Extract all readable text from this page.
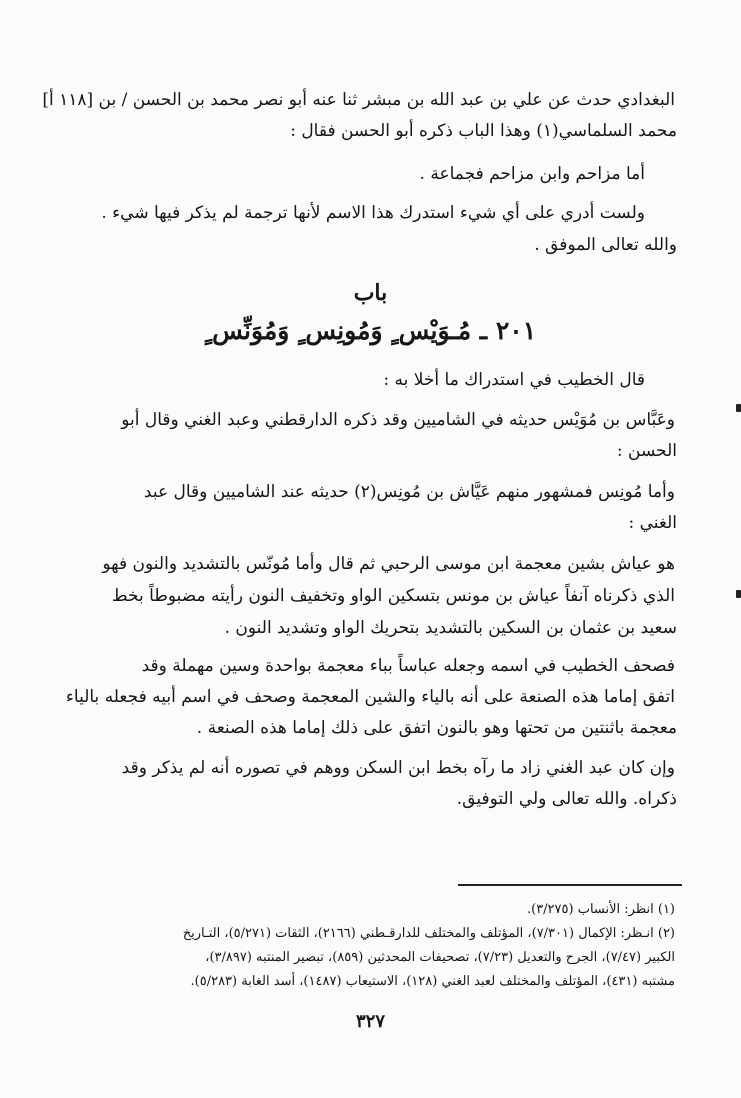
البغدادي حدث عن علي بن عبد الله بن مبشر ثنا عنه أبو نصر محمد بن الحسن / بن [١١٨ أ]
محمد السلماسي(١) وهذا الباب ذكره أبو الحسن فقال :
أما مزاحم وابن مزاحم فجماعة .
ولست أدري على أي شيء استدرك هذا الاسم لأنها ترجمة لم يذكر فيها شيء .
والله تعالى الموفق .
باب
٢٠١ ـ مُـوَيْس ٍ وَمُونِس ٍ وَمُوَنِّس ٍ
قال الخطيب في استدراك ما أخلا به :
وعَبَّاس بن مُوَيْس حديثه في الشاميين وقد ذكره الدارقطني وعبد الغني وقال أبو
الحسن :
وأما مُونِس فمشهور منهم عَيَّاش بن مُونِس(٢) حديثه عند الشاميين وقال عبد
الغني :
هو عياش بشين معجمة ابن موسى الرحبي ثم قال وأما مُونّس بالتشديد والنون فهو
الذي ذكرناه آنفاً عياش بن مونس بتسكين الواو وتخفيف النون رأيته مضبوطاً بخط
سعيد بن عثمان بن السكين بالتشديد بتحريك الواو وتشديد النون .
فصحف الخطيب في اسمه وجعله عباساً بباء معجمة بواحدة وسين مهملة وقد
اتفق إماما هذه الصنعة على أنه بالياء والشين المعجمة وصحف في اسم أبيه فجعله بالياء
معجمة باثنتين من تحتها وهو بالنون اتفق على ذلك إماما هذه الصنعة .
وإن كان عبد الغني زاد ما رآه بخط ابن السكن ووهم في تصوره أنه لم يذكر وقد
ذكراه. والله تعالى ولي التوفيق.
(١) انظر: الأنساب (٣/٢٧٥).
(٢) انـظر: الإكمال (٧/٣٠١)، المؤتلف والمختلف للدارقـطني (٢١٦٦)، الثقات (٥/٢٧١)، التـاريخ
الكبير (٧/٤٧)، الجرح والتعديل (٧/٢٣)، تصحيفات المحدثين (٨٥٩)، تبصير المنتبه (٣/٨٩٧)،
مشتبه (٤٣١)، المؤتلف والمختلف لعبد الغني (١٢٨)، الاستيعاب (١٤٨٧)، أسد الغابة (٥/٢٨٣).
٣٢٧
